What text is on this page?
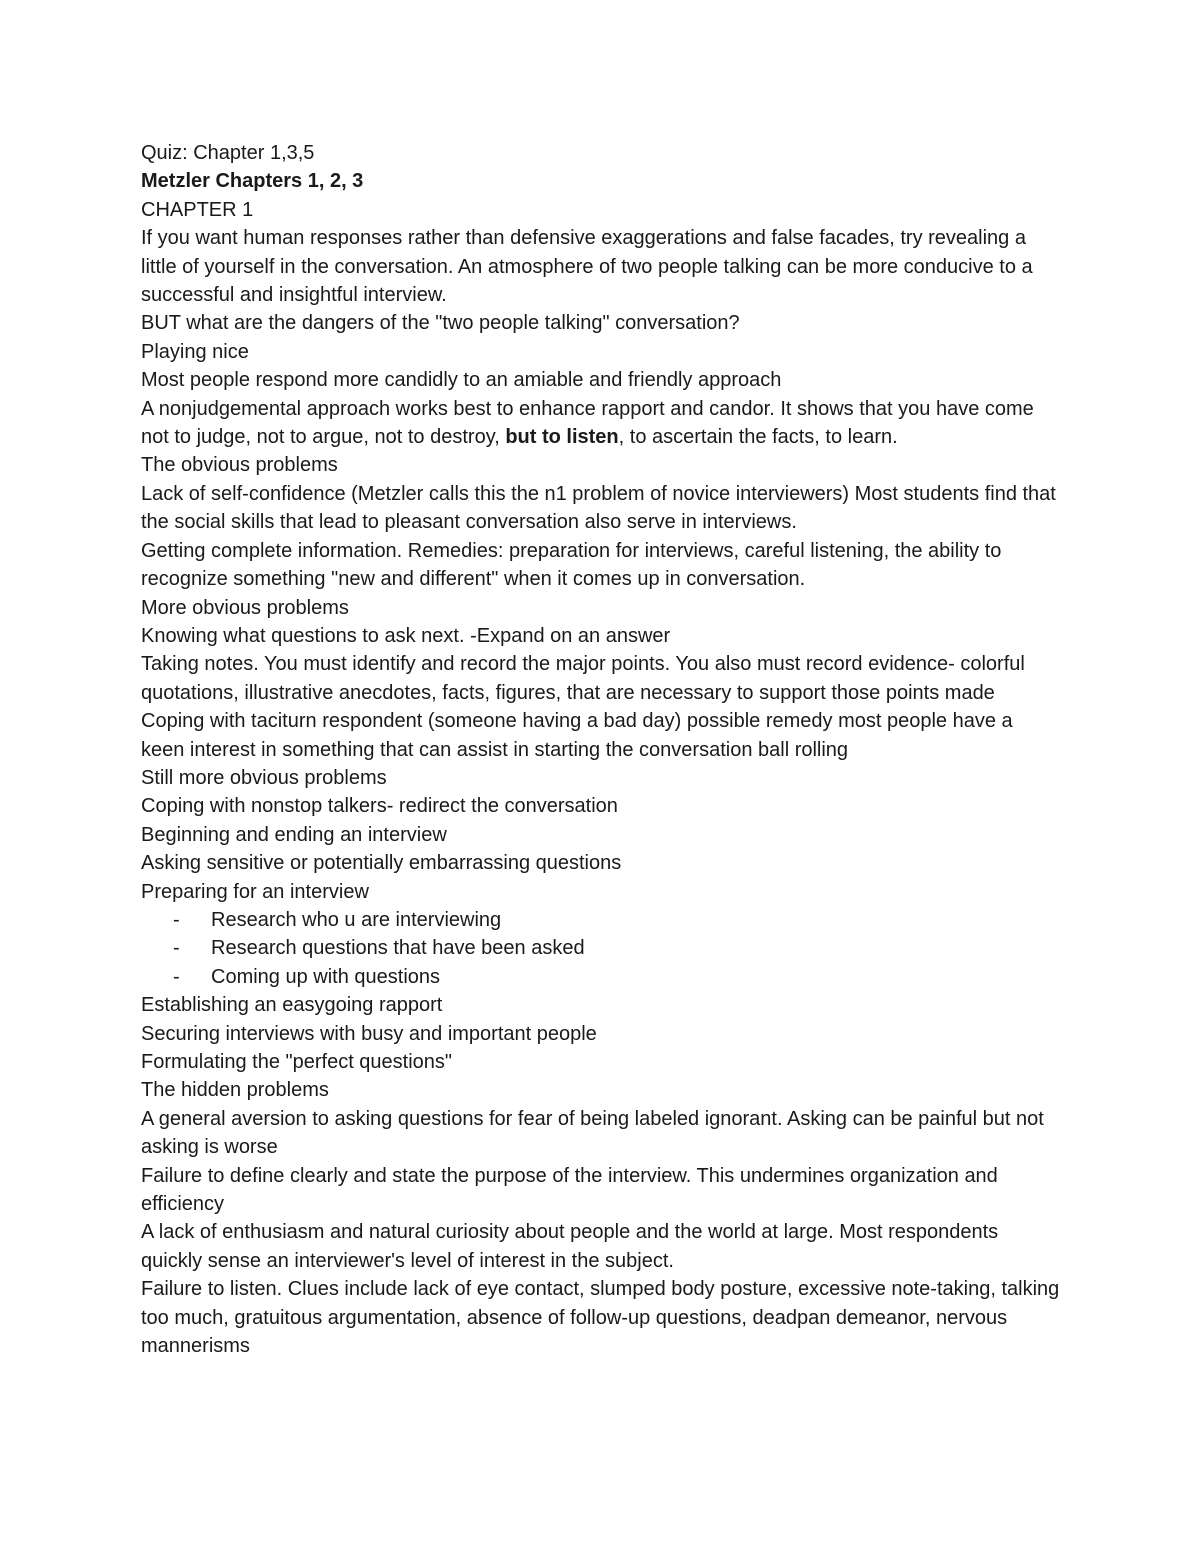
Quiz: Chapter 1,3,5

Metzler Chapters 1, 2, 3

CHAPTER 1

If you want human responses rather than defensive exaggerations and false facades, try revealing a little of yourself in the conversation. An atmosphere of two people talking can be more conducive to a successful and insightful interview.

BUT what are the dangers of the "two people talking" conversation?

Playing nice

Most people respond more candidly to an amiable and friendly approach

A nonjudgemental approach works best to enhance rapport and candor. It shows that you have come not to judge, not to argue, not to destroy, but to listen, to ascertain the facts, to learn.

The obvious problems

Lack of self-confidence (Metzler calls this the n1 problem of novice interviewers) Most students find that the social skills that lead to pleasant conversation also serve in interviews.

Getting complete information. Remedies: preparation for interviews, careful listening, the ability to recognize something "new and different" when it comes up in conversation.

More obvious problems

Knowing what questions to ask next. -Expand on an answer

Taking notes. You must identify and record the major points. You also must record evidence- colorful quotations, illustrative anecdotes, facts, figures, that are necessary to support those points made

Coping with taciturn respondent (someone having a bad day) possible remedy most people have a keen interest in something that can assist in starting the conversation ball rolling

Still more obvious problems

Coping with nonstop talkers- redirect the conversation

Beginning and ending an interview

Asking sensitive or potentially embarrassing questions

Preparing for an interview

- Research who u are interviewing
- Research questions that have been asked
- Coming up with questions

Establishing an easygoing rapport

Securing interviews with busy and important people

Formulating the "perfect questions"

The hidden problems

A general aversion to asking questions for fear of being labeled ignorant. Asking can be painful but not asking is worse

Failure to define clearly and state the purpose of the interview. This undermines organization and efficiency

A lack of enthusiasm and natural curiosity about people and the world at large. Most respondents quickly sense an interviewer's level of interest in the subject.

Failure to listen. Clues include lack of eye contact, slumped body posture, excessive note-taking, talking too much, gratuitous argumentation, absence of follow-up questions, deadpan demeanor, nervous mannerisms
